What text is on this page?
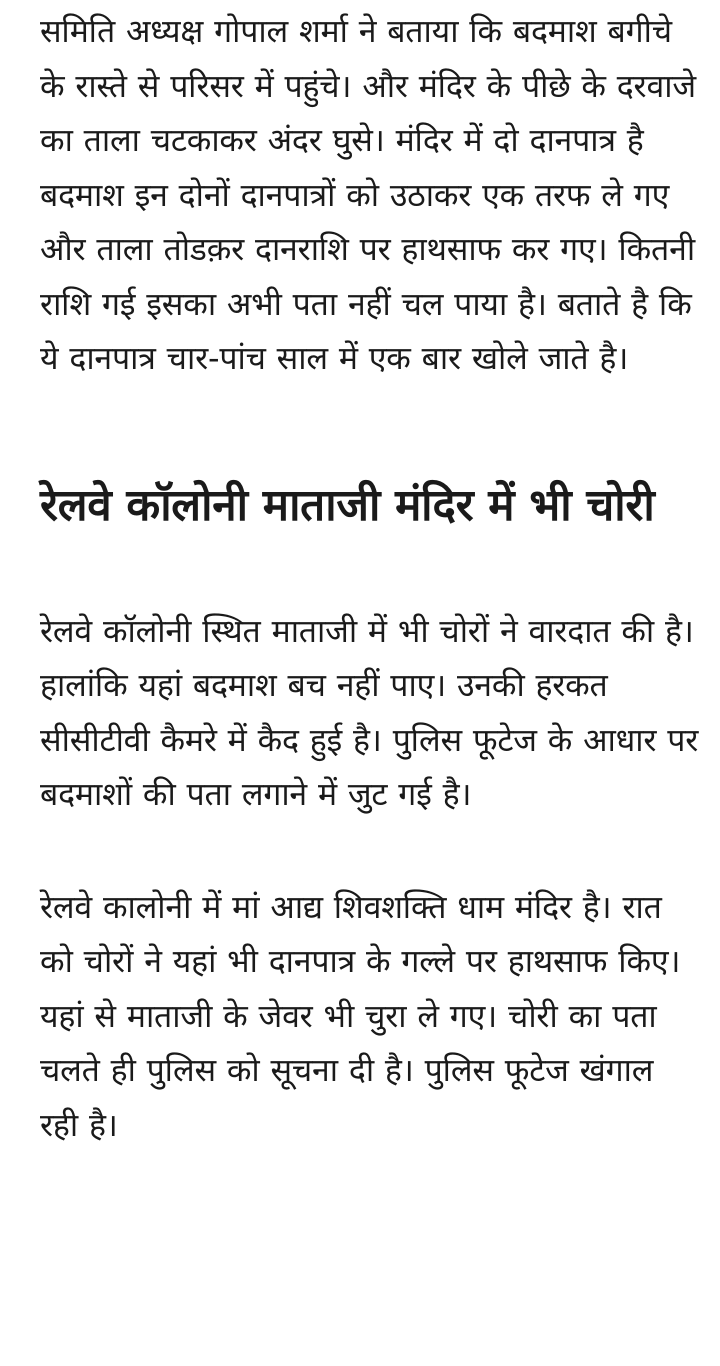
समिति अध्यक्ष गोपाल शर्मा ने बताया कि बदमाश बगीचे के रास्ते से परिसर में पहुंचे। और मंदिर के पीछे के दरवाजे का ताला चटकाकर अंदर घुसे। मंदिर में दो दानपात्र है बदमाश इन दोनों दानपात्रों को उठाकर एक तरफ ले गए और ताला तोडक़र दानराशि पर हाथसाफ कर गए। कितनी राशि गई इसका अभी पता नहीं चल पाया है। बताते है कि ये दानपात्र चार-पांच साल में एक बार खोले जाते है।

रेलवे कॉलोनी माताजी मंदिर में भी चोरी

रेलवे कॉलोनी स्थित माताजी में भी चोरों ने वारदात की है। हालांकि यहां बदमाश बच नहीं पाए। उनकी हरकत सीसीटीवी कैमरे में कैद हुई है। पुलिस फूटेज के आधार पर बदमाशों की पता लगाने में जुट गई है।

रेलवे कालोनी में मां आद्य शिवशक्ति धाम मंदिर है। रात को चोरों ने यहां भी दानपात्र के गल्ले पर हाथसाफ किए। यहां से माताजी के जेवर भी चुरा ले गए। चोरी का पता चलते ही पुलिस को सूचना दी है। पुलिस फूटेज खंगाल रही है।
